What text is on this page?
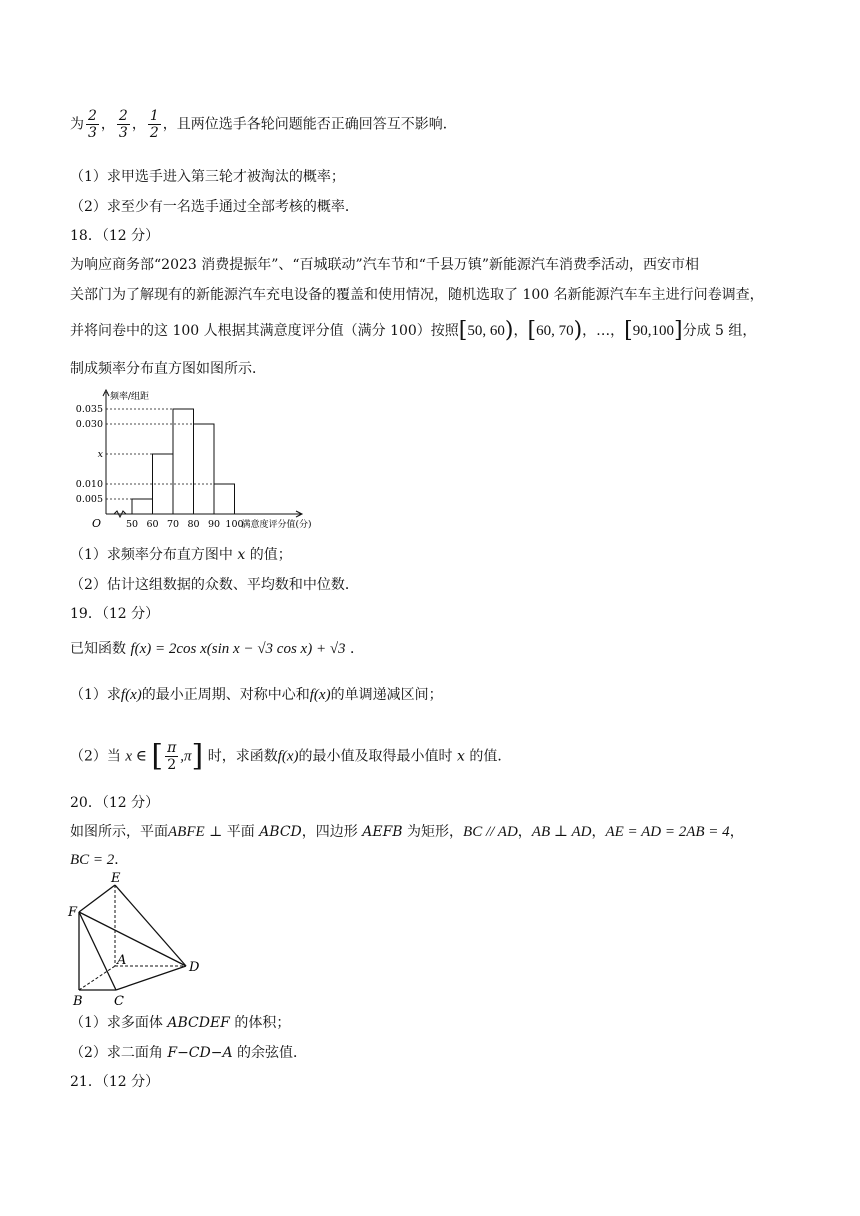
为 $\frac{2}{3}$ ， $\frac{2}{3}$ ， $\frac{1}{2}$ ，且两位选手各轮问题能否正确回答互不影响．
（1）求甲选手进入第三轮才被淘汰的概率；
（2）求至少有一名选手通过全部考核的概率．
18．（12 分）
为响应商务部“2023 消费提振年”、“百城联动”汽车节和“千县万镇”新能源汽车消费季活动，西安市相
关部门为了解现有的新能源汽车充电设备的覆盖和使用情况，随机选取了 100 名新能源汽车车主进行问卷调查，
并将问卷中的这 100 人根据其满意度评分值（满分 100）按照[50, 60)，[60, 70)，…，[90,100]分成 5 组，
制成频率分布直方图如图所示．
频率/组距
0.035
0.030
x
0.010
0.005
50 60 70 80 90 100
满意度评分值(分)
O
（1）求频率分布直方图中 x 的值；
（2）估计这组数据的众数、平均数和中位数．
19．（12 分）
已知函数 f(x) = 2cos x(sin x − √3 cos x) + √3 ．
（1）求f(x)的最小正周期、对称中心和f(x)的单调递减区间；
（2）当 x ∈ [ $\frac{\pi}{2} ,\pi$] 时，求函数f(x)的最小值及取得最小值时 x 的值．
20．（12 分）
如图所示，平面ABFE ⊥ 平面 ABCD，四边形 AEFB 为矩形，BC // AD，AB ⊥ AD，AE = AD = 2AB = 4，
BC = 2．
E
F
A	D
B C
（1）求多面体 ABCDEF 的体积；
（2）求二面角 F−CD−A 的余弦值．
21．（12 分）
